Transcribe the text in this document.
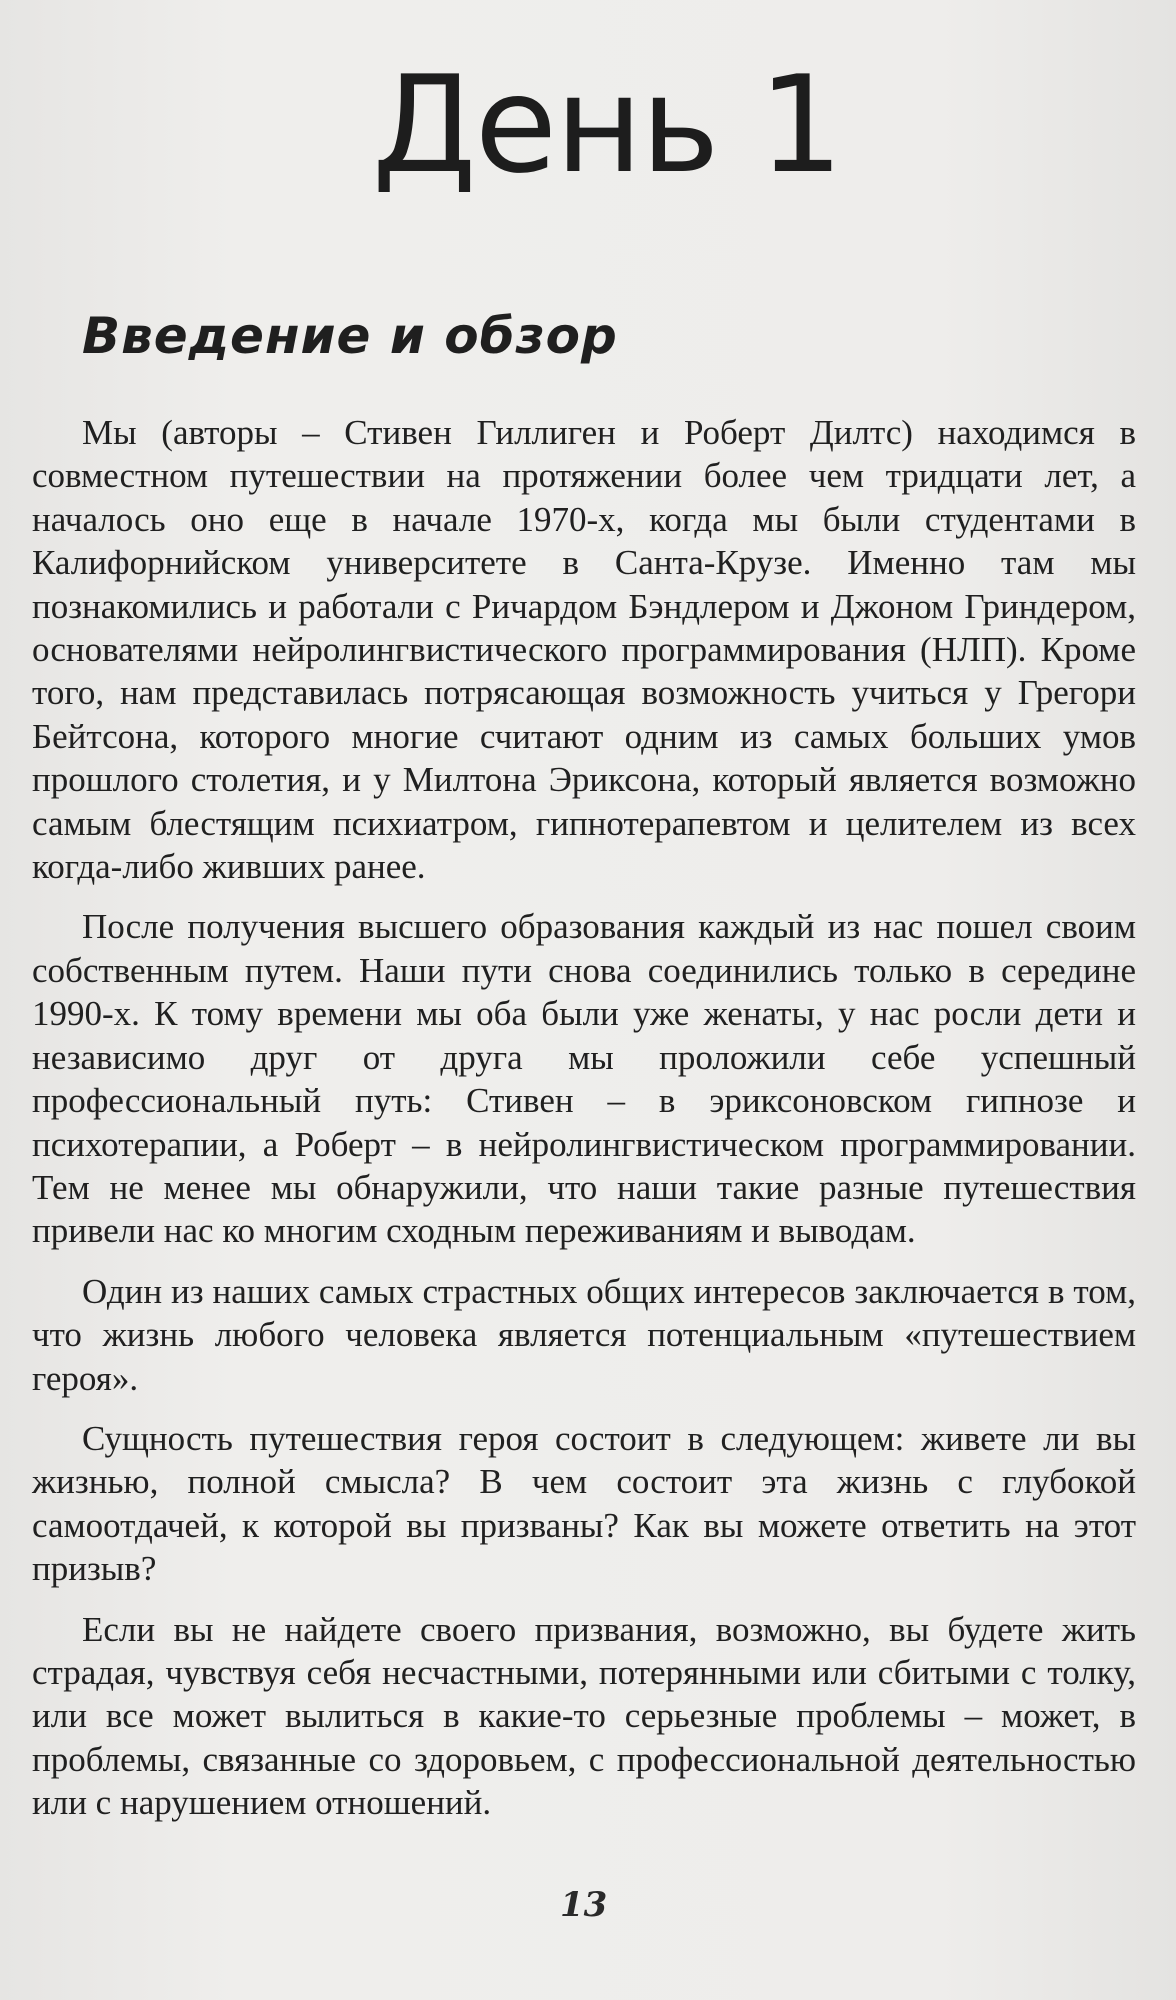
День 1
Введение и обзор

Мы (авторы – Стивен Гиллиген и Роберт Дилтс) находимся в совместном путешествии на протяжении более чем тридцати лет, а началось оно еще в начале 1970-х, когда мы были студентами в Калифорнийском университете в Санта-Крузе. Именно там мы познакомились и работали с Ричардом Бэндлером и Джоном Гриндером, основателями нейролингвистического программирования (НЛП). Кроме того, нам представилась потрясающая возможность учиться у Грегори Бейтсона, которого многие считают одним из самых больших умов прошлого столетия, и у Милтона Эриксона, который является возможно самым блестящим психиатром, гипнотерапевтом и целителем из всех когда-либо живших ранее.

После получения высшего образования каждый из нас пошел своим собственным путем. Наши пути снова соединились только в середине 1990-х. К тому времени мы оба были уже женаты, у нас росли дети и независимо друг от друга мы проложили себе успешный профессиональный путь: Стивен – в эриксоновском гипнозе и психотерапии, а Роберт – в нейролингвистическом программировании. Тем не менее мы обнаружили, что наши такие разные путешествия привели нас ко многим сходным переживаниям и выводам.

Один из наших самых страстных общих интересов заключается в том, что жизнь любого человека является потенциальным «путешествием героя».

Сущность путешествия героя состоит в следующем: живете ли вы жизнью, полной смысла? В чем состоит эта жизнь с глубокой самоотдачей, к которой вы призваны? Как вы можете ответить на этот призыв?

Если вы не найдете своего призвания, возможно, вы будете жить страдая, чувствуя себя несчастными, потерянными или сбитыми с толку, или все может вылиться в какие-то серьезные проблемы – может, в проблемы, связанные со здоровьем, с профессиональной деятельностью или с нарушением отношений.

13
